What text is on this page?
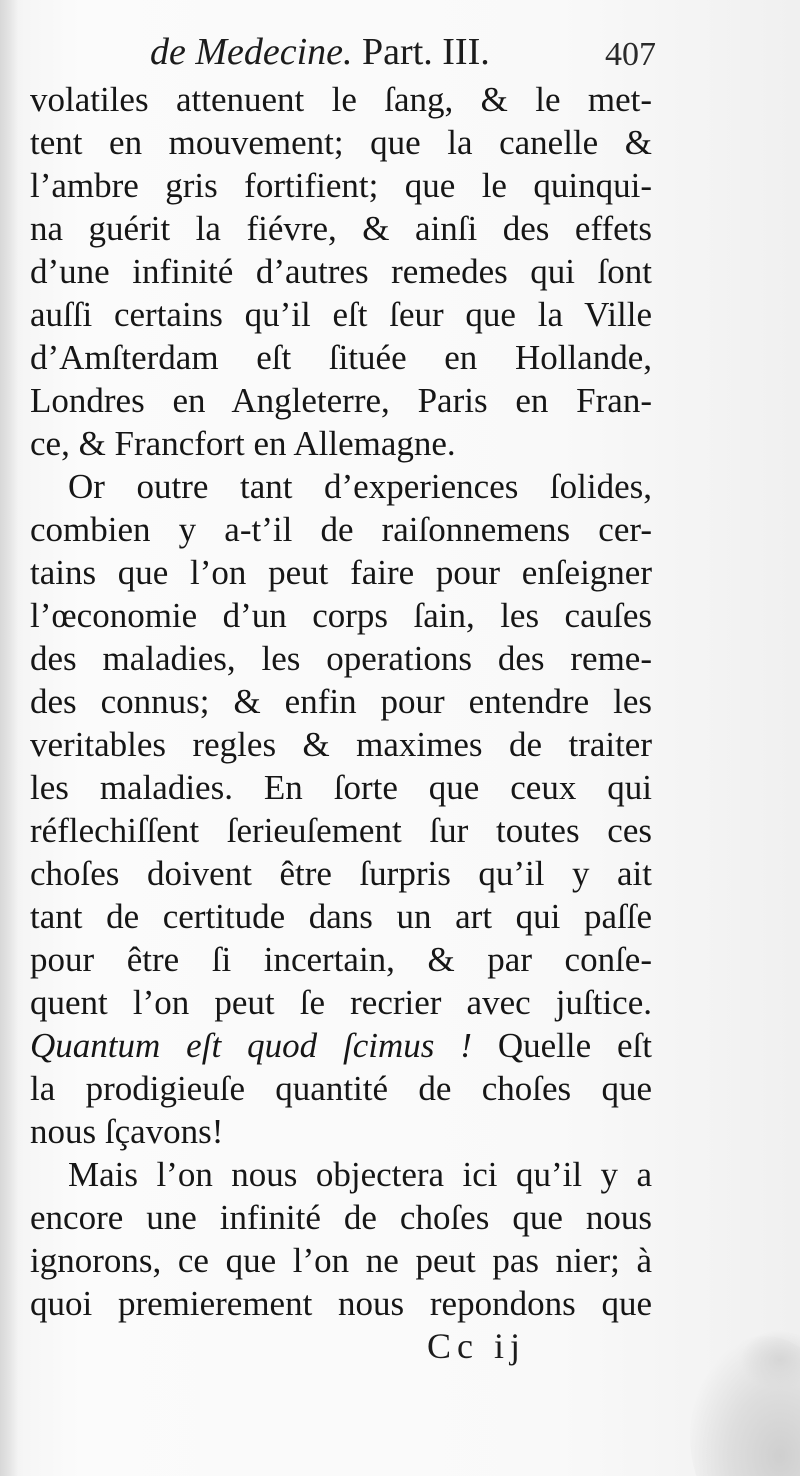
de Medecine. Part. III.	407
volatiles attenuent le ſang, & le met-
tent en mouvement; que la canelle &
l’ambre gris fortifient; que le quinqui-
na guérit la fiévre, & ainſi des effets
d’une infinité d’autres remedes qui ſont
auſſi certains qu’il eſt ſeur que la Ville
d’Amſterdam eſt ſituée en Hollande,
Londres en Angleterre, Paris en Fran-
ce, & Francfort en Allemagne.
Or outre tant d’experiences ſolides,
combien y a-t’il de raiſonnemens cer-
tains que l’on peut faire pour enſeigner
l’œconomie d’un corps ſain, les cauſes
des maladies, les operations des reme-
des connus; & enfin pour entendre les
veritables regles & maximes de traiter
les maladies. En ſorte que ceux qui
réflechiſſent ſerieuſement ſur toutes ces
choſes doivent être ſurpris qu’il y ait
tant de certitude dans un art qui paſſe
pour être ſi incertain, & par conſe-
quent l’on peut ſe recrier avec juſtice.
Quantum eſt quod ſcimus ! Quelle eſt
la prodigieuſe quantité de choſes que
nous ſçavons!
Mais l’on nous objectera ici qu’il y a
encore une infinité de choſes que nous
ignorons, ce que l’on ne peut pas nier; à
quoi premierement nous repondons que
Cc ij
